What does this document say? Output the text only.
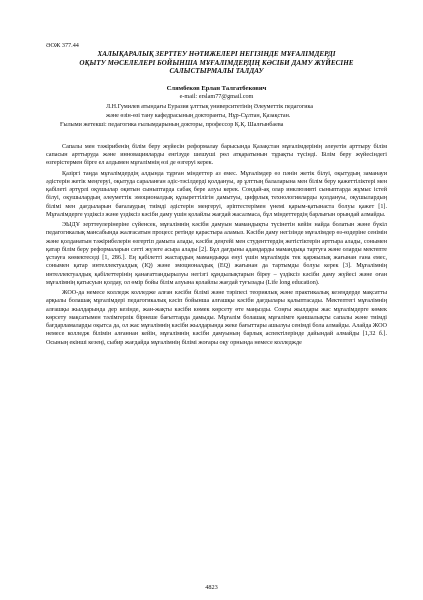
ӘОЖ 377.44
ХАЛЫҚАРАЛЫҚ ЗЕРТТЕУ НӘТИЖЕЛЕРІ НЕГІЗІНДЕ МҰҒАЛІМДЕРДІ
ОҚЫТУ МӘСЕЛЕЛЕРІ БОЙЫНША МҰҒАЛІМДЕРДІҢ КӘСІБИ ДАМУ ЖҮЙЕСІНЕ
САЛЫСТЫРМАЛЫ ТАЛДАУ
Слямбеков Ерлан Талгатбекович
e-mail: erslam77@gmail.com
Л.Н.Гумилев атындағы Еуразия ұлттық университетінің Әлеуметтік педагогика
және өзін-өзі тану кафедрасының докторанты, Нұр-Сұлтан, Қазақстан.
Ғылыми жетекші: педагогика ғылымдарының докторы, профессор Қ.Қ. Шалғынбаева

Сапалы мен тәжірибенің білім беру жүйесін реформалау барысында Қазақстан мұғалімдерінің әлеуетін арттыру білім сапасын арттыруда және инновацияларды енгізуде шешуші рөл атқаратынын тұрақты түсінді. Білім беру жүйесіндегі өзгерістермен бірге ел алдымен мұғалімнің өзі де өзгеруі керек.

Қазіргі таңда мұғалімдердің алдында тұрған міндеттер аз емес. Мұғалімдер өз пәнін жетік білуі, оқытудың заманауи әдістерін жетік меңгеруі, оқытуда сараланған әдіс-тәсілдерді қолдануы, әр ұлттың балаларына мен білім беру қажеттіліктері мен қабілеті әртүрлі оқушылар оқитын сыныптарда сабақ бере алуы керек. Сондай-ақ олар инклюзивті сыныптарда жұмыс істей білуі, оқушылардың әлеуметтік эмоционалдық құзыреттілігін дамытуы, цифрлық технологияларды қолдануы, оқушылардың білімі мен дағдыларын бағалаудың тиімді әдістерін меңгеруі, әріптестерімен үнемі қарым-қатынаста болуы қажет [1]. Мұғалімдерге үздіксіз және үздіксіз кәсіби даму үшін қолайлы жағдай жасалмаса, бұл міндеттердің барлығын орындай алмайды.

ЭЫДҰ зерттеулерінеріне сүйенсек, мұғалімнің кәсіби дамуын мамандықты түсінетін кейін найда болатын және бүкіл педагогикалық мансабында жалғасатын процесс ретінде қарастыра аламыз. Кәсіби даму негізінде мұғалімдер өз-өздеріне сенімін және қолданатын тәжірибелерін өзгертіп дамыта алады, кәсіби деңгейі мен студенттердің жетістіктерін арттыра алады, сонымен қатар білім беру реформаларын сәтті жүзеге асыра алады [2]. Бұл дағдыны адамдарды мамандықа тартуға және оларды мектепте ұстауға көмектеседі [1, 286.]. Ең қабілетті жастардың мамандыққа енуі үшін мұғалімдік тек қаржылық жағынан ғана емес, сонымен қатар интеллектуалдық (IQ) және эмоционалдық (EQ) жағынан да тартымды болуы керек [3]. Мұғалімнің интеллектуалдық қабілеттерінің қанағаттандырылуы негізгі құндылықтарын біреу – үздіксіз кәсіби даму жүйесі және оған мұғалімнің қатысуын қолдау, ол өмір бойы білім алуына қолайлы жағдай туғызады (Life long education).

ЖОО-да немесе колледж колледже алған кәсіби білімі және тәріпесі теориялық және практикалық кезеңдерде мақсатты арқылы болашақ мұғалімдері педагогикалық кәсіп бойынша алғашқы кәсіби дағдылары қалыптасады. Мектептегі мұғалімнің алғашқы жылдарында дер кезінде, жан-жақты кәсіби көмек көрсету өте маңызды. Соңғы жылдары жас мұғалімдерге көмек көрсету мақсатымен тәлімгерлік бірнеше бағыттарда дамыды. Мұғалім болашақ мұғалімге қаншалықты сапалы және тиімді бағдарламаларды оқытса да, ол жас мұғалімнің кәсіби жылдарында жеке бағыттары ашылуы сенімді бола алмайды. Алайда ЖОО немесе колледж білімін алғаннан кейін, мұғалімнің кәсіби дамуының барлық аспектілерінде дайындай алмайды [1,32 б.]. Осының екінші кезеңі, сыбир жағдайда мұғалімнің білімі жоғары оқу орнында немесе колледжде

4823
